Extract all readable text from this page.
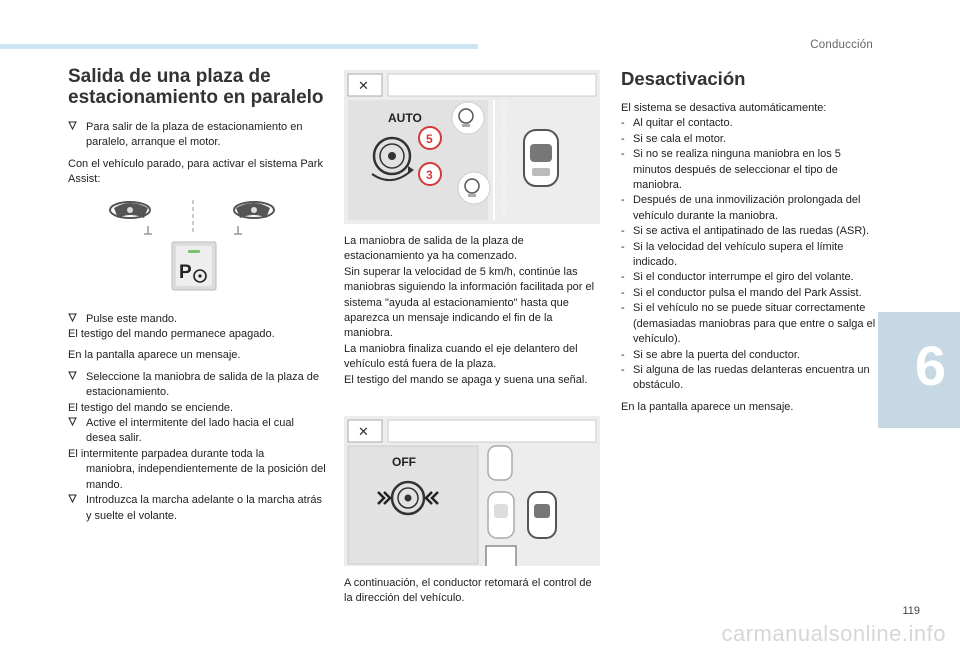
Conducción
6
119
carmanualsonline.info
Salida de una plaza de estacionamiento en paralelo

Para salir de la plaza de estacionamiento en paralelo, arranque el motor.

Con el vehículo parado, para activar el sistema Park Assist:

P

Pulse este mando.

El testigo del mando permanece apagado.

En la pantalla aparece un mensaje.

Seleccione la maniobra de salida de la plaza de estacionamiento.

El testigo del mando se enciende.

Active el intermitente del lado hacia el cual desea salir.

El intermitente parpadea durante toda la

maniobra, independientemente de la posición del mando.

Introduzca la marcha adelante o la marcha atrás y suelte el volante.

✕
AUTO
5
3

La maniobra de salida de la plaza de estacionamiento ya ha comenzado.

Sin superar la velocidad de 5 km/h, continúe las maniobras siguiendo la información facilitada por el sistema "ayuda al estacionamiento" hasta que aparezca un mensaje indicando el fin de la maniobra.

La maniobra finaliza cuando el eje delantero del vehículo está fuera de la plaza.

El testigo del mando se apaga y suena una señal.

✕
OFF

A continuación, el conductor retomará el control de la dirección del vehículo.

Desactivación

El sistema se desactiva automáticamente:

- Al quitar el contacto.
- Si se cala el motor.
- Si no se realiza ninguna maniobra en los 5 minutos después de seleccionar el tipo de maniobra.
- Después de una inmovilización prolongada del vehículo durante la maniobra.
- Si se activa el antipatinado de las ruedas (ASR).
- Si la velocidad del vehículo supera el límite indicado.
- Si el conductor interrumpe el giro del volante.
- Si el conductor pulsa el mando del Park Assist.
- Si el vehículo no se puede situar correctamente (demasiadas maniobras para que entre o salga el vehículo).
- Si se abre la puerta del conductor.
- Si alguna de las ruedas delanteras encuentra un obstáculo.

En la pantalla aparece un mensaje.
